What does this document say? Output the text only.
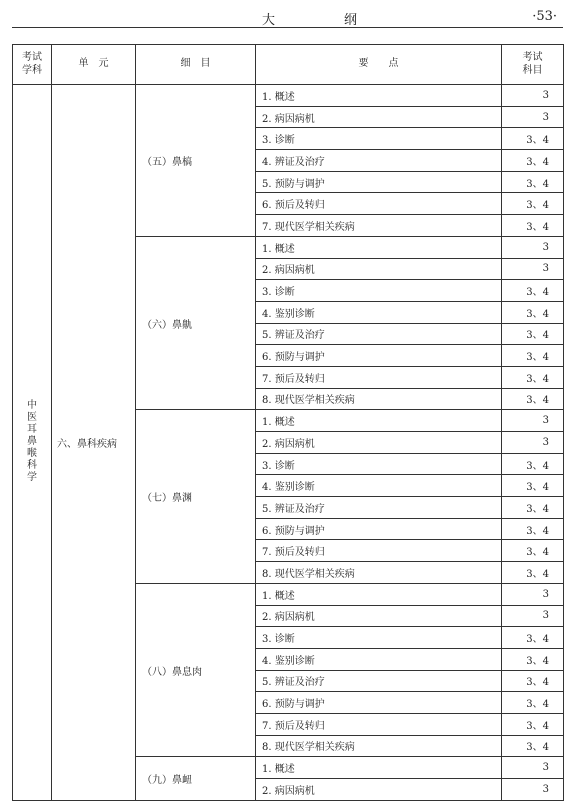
大　纲	·53·
考试
学科	单　元	细　目	要　　点	考试
科目
中医耳鼻喉科学	六、鼻科疾病	（五）鼻槁	1. 概述	3
			2. 病因病机	3
			3. 诊断	3、4
			4. 辨证及治疗	3、4
			5. 预防与调护	3、4
			6. 预后及转归	3、4
			7. 现代医学相关疾病	3、4
		（六）鼻鼽	1. 概述	3
			2. 病因病机	3
			3. 诊断	3、4
			4. 鉴别诊断	3、4
			5. 辨证及治疗	3、4
			6. 预防与调护	3、4
			7. 预后及转归	3、4
			8. 现代医学相关疾病	3、4
		（七）鼻渊	1. 概述	3
			2. 病因病机	3
			3. 诊断	3、4
			4. 鉴别诊断	3、4
			5. 辨证及治疗	3、4
			6. 预防与调护	3、4
			7. 预后及转归	3、4
			8. 现代医学相关疾病	3、4
		（八）鼻息肉	1. 概述	3
			2. 病因病机	3
			3. 诊断	3、4
			4. 鉴别诊断	3、4
			5. 辨证及治疗	3、4
			6. 预防与调护	3、4
			7. 预后及转归	3、4
			8. 现代医学相关疾病	3、4
		（九）鼻衄	1. 概述	3
			2. 病因病机	3
